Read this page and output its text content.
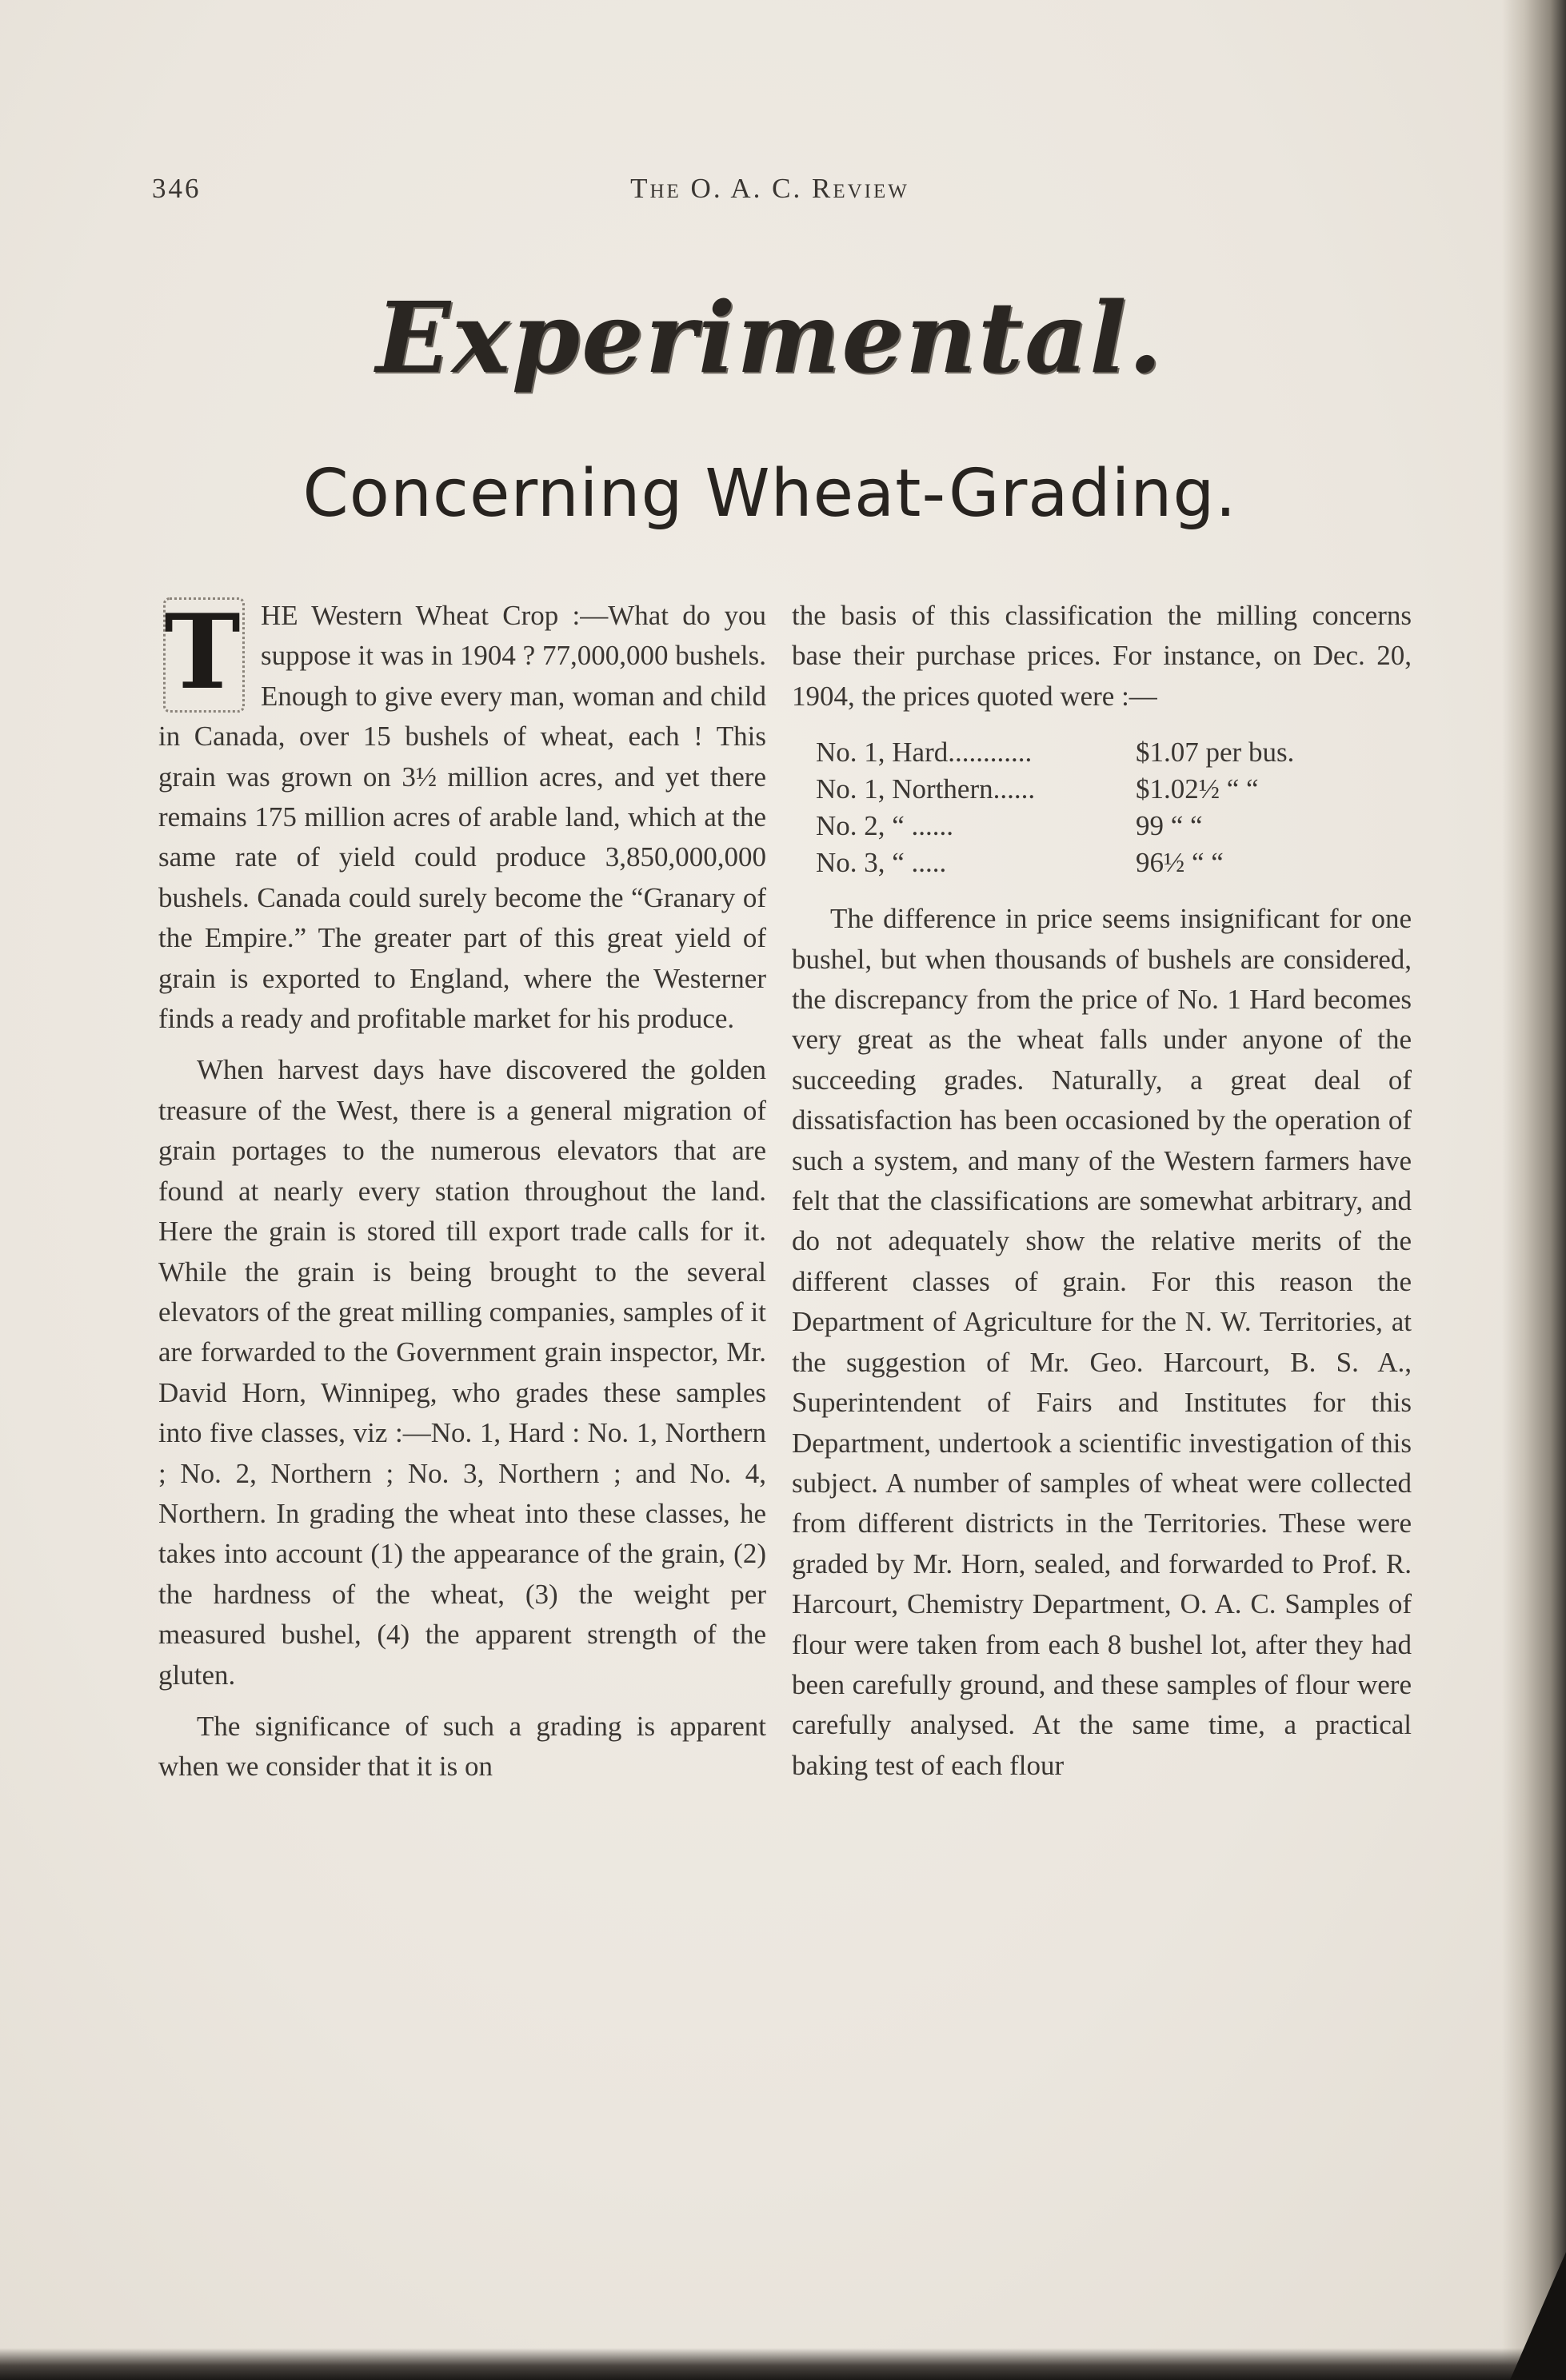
346	The O. A. C. Review
Experimental.
Concerning Wheat-Grading.

T HE Western Wheat Crop :—What do you suppose it was in 1904 ? 77,000,000 bushels. Enough to give every man, woman and child in Canada, over 15 bushels of wheat, each ! This grain was grown on 3½ million acres, and yet there remains 175 million acres of arable land, which at the same rate of yield could produce 3,850,000,000 bushels. Canada could surely become the “Granary of the Empire.” The greater part of this great yield of grain is exported to England, where the Westerner finds a ready and profitable market for his produce.

When harvest days have discovered the golden treasure of the West, there is a general migration of grain portages to the numerous elevators that are found at nearly every station throughout the land. Here the grain is stored till export trade calls for it. While the grain is being brought to the several elevators of the great milling companies, samples of it are forwarded to the Government grain inspector, Mr. David Horn, Winnipeg, who grades these samples into five classes, viz :—No. 1, Hard : No. 1, Northern ; No. 2, Northern ; No. 3, Northern ; and No. 4, Northern. In grading the wheat into these classes, he takes into account (1) the appearance of the grain, (2) the hardness of the wheat, (3) the weight per measured bushel, (4) the apparent strength of the gluten.

The significance of such a grading is apparent when we consider that it is on

the basis of this classification the milling concerns base their purchase prices. For instance, on Dec. 20, 1904, the prices quoted were :—

No. 1, Hard............	$1.07 per bus.
No. 1, Northern......	$1.02½ “ “
No. 2, “ ......	99 “ “
No. 3, “ .....	96½ “ “

The difference in price seems insignificant for one bushel, but when thousands of bushels are considered, the discrepancy from the price of No. 1 Hard becomes very great as the wheat falls under anyone of the succeeding grades. Naturally, a great deal of dissatisfaction has been occasioned by the operation of such a system, and many of the Western farmers have felt that the classifications are somewhat arbitrary, and do not adequately show the relative merits of the different classes of grain. For this reason the Department of Agriculture for the N. W. Territories, at the suggestion of Mr. Geo. Harcourt, B. S. A., Superintendent of Fairs and Institutes for this Department, undertook a scientific investigation of this subject. A number of samples of wheat were collected from different districts in the Territories. These were graded by Mr. Horn, sealed, and forwarded to Prof. R. Harcourt, Chemistry Department, O. A. C. Samples of flour were taken from each 8 bushel lot, after they had been carefully ground, and these samples of flour were carefully analysed. At the same time, a practical baking test of each flour
